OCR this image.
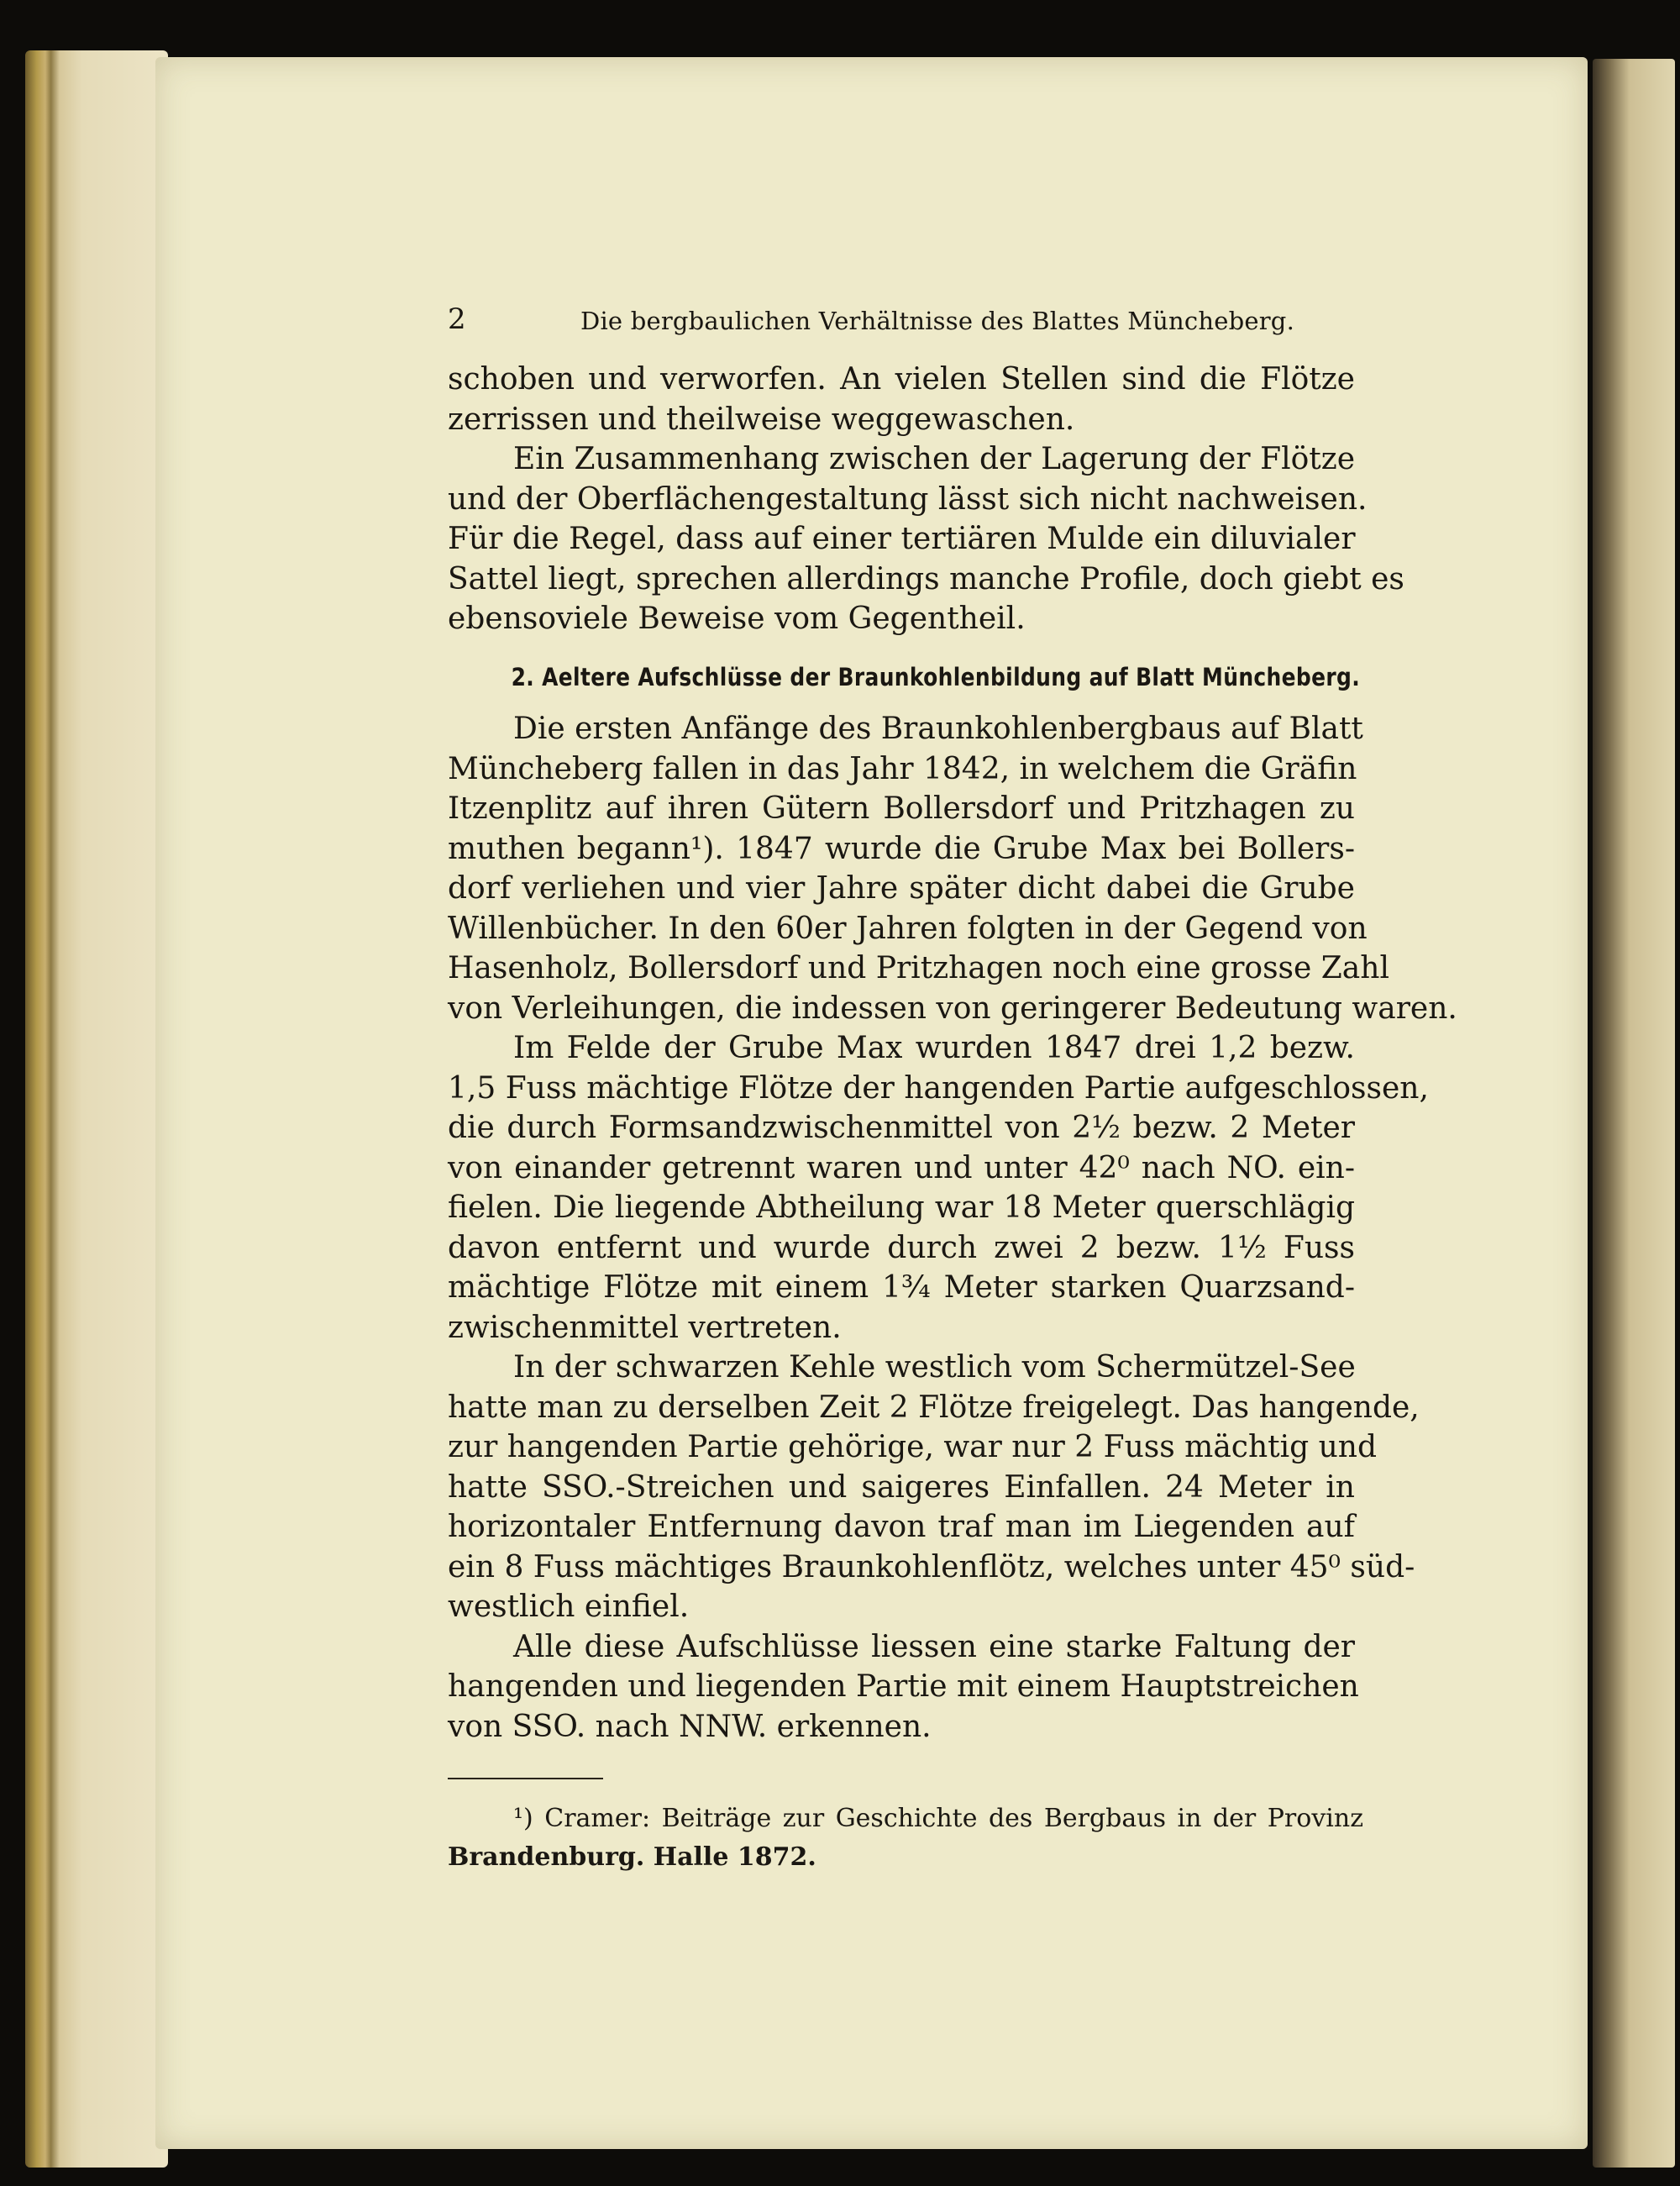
2	Die bergbaulichen Verhältnisse des Blattes Müncheberg.
schoben und verworfen. An vielen Stellen sind die Flötze
zerrissen und theilweise weggewaschen.
Ein Zusammenhang zwischen der Lagerung der Flötze
und der Oberflächengestaltung lässt sich nicht nachweisen.
Für die Regel, dass auf einer tertiären Mulde ein diluvialer
Sattel liegt, sprechen allerdings manche Profile, doch giebt es
ebensoviele Beweise vom Gegentheil.
2. Aeltere Aufschlüsse der Braunkohlenbildung auf Blatt Müncheberg.
Die ersten Anfänge des Braunkohlenbergbaus auf Blatt
Müncheberg fallen in das Jahr 1842, in welchem die Gräfin
Itzenplitz auf ihren Gütern Bollersdorf und Pritzhagen zu
muthen begann¹). 1847 wurde die Grube Max bei Bollers-
dorf verliehen und vier Jahre später dicht dabei die Grube
Willenbücher. In den 60er Jahren folgten in der Gegend von
Hasenholz, Bollersdorf und Pritzhagen noch eine grosse Zahl
von Verleihungen, die indessen von geringerer Bedeutung waren.
Im Felde der Grube Max wurden 1847 drei 1,2 bezw.
1,5 Fuss mächtige Flötze der hangenden Partie aufgeschlossen,
die durch Formsandzwischenmittel von 2½ bezw. 2 Meter
von einander getrennt waren und unter 42⁰ nach NO. ein-
fielen. Die liegende Abtheilung war 18 Meter querschlägig
davon entfernt und wurde durch zwei 2 bezw. 1½ Fuss
mächtige Flötze mit einem 1¾ Meter starken Quarzsand-
zwischenmittel vertreten.
In der schwarzen Kehle westlich vom Schermützel-See
hatte man zu derselben Zeit 2 Flötze freigelegt. Das hangende,
zur hangenden Partie gehörige, war nur 2 Fuss mächtig und
hatte SSO.-Streichen und saigeres Einfallen. 24 Meter in
horizontaler Entfernung davon traf man im Liegenden auf
ein 8 Fuss mächtiges Braunkohlenflötz, welches unter 45⁰ süd-
westlich einfiel.
Alle diese Aufschlüsse liessen eine starke Faltung der
hangenden und liegenden Partie mit einem Hauptstreichen
von SSO. nach NNW. erkennen.
¹) Cramer: Beiträge zur Geschichte des Bergbaus in der Provinz
Brandenburg. Halle 1872.
